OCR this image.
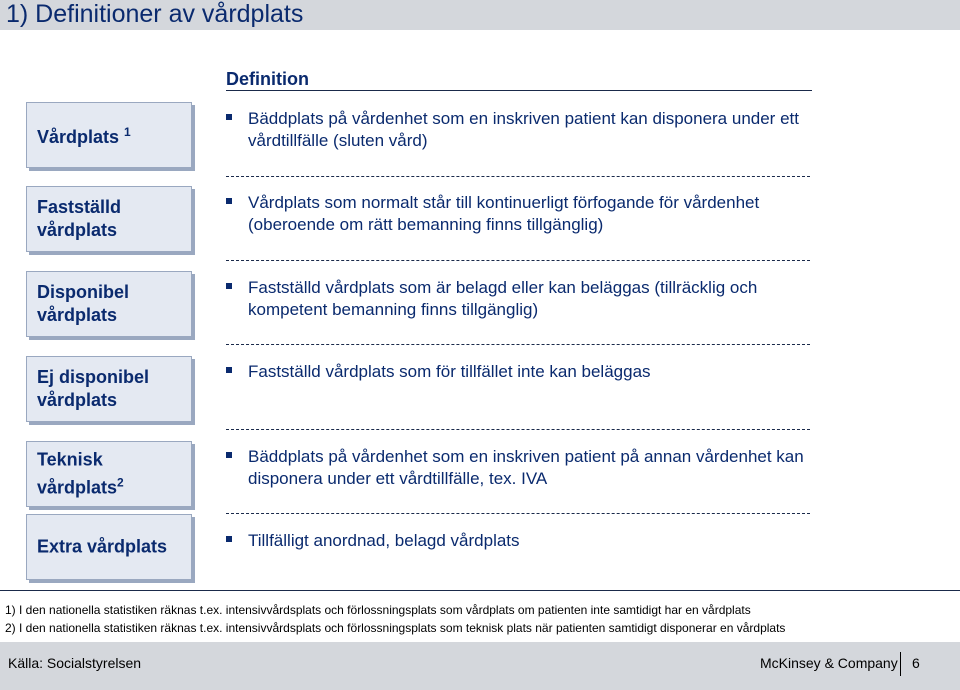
1) Definitioner av vårdplats
Definition
Vårdplats $^1$
Bäddplats på vårdenhet som en inskriven patient kan disponera under ett vårdtillfälle (sluten vård)
Fastställd
vårdplats
Vårdplats som normalt står till kontinuerligt förfogande för vårdenhet (oberoende om rätt bemanning finns tillgänglig)
Disponibel
vårdplats
Fastställd vårdplats som är belagd eller kan beläggas (tillräcklig och kompetent bemanning finns tillgänglig)
Ej disponibel
vårdplats
Fastställd vårdplats som för tillfället inte kan beläggas
Teknisk
vårdplats$^2$
Bäddplats på vårdenhet som en inskriven patient på annan vårdenhet kan disponera under ett vårdtillfälle, tex. IVA
Extra vårdplats	Tillfälligt anordnad, belagd vårdplats
1) I den nationella statistiken räknas t.ex. intensivvårdsplats och förlossningsplats som vårdplats om patienten inte samtidigt har en vårdplats
2) I den nationella statistiken räknas t.ex. intensivvårdsplats och förlossningsplats som teknisk plats när patienten samtidigt disponerar en vårdplats
Källa: Socialstyrelsen	McKinsey & Company 6
